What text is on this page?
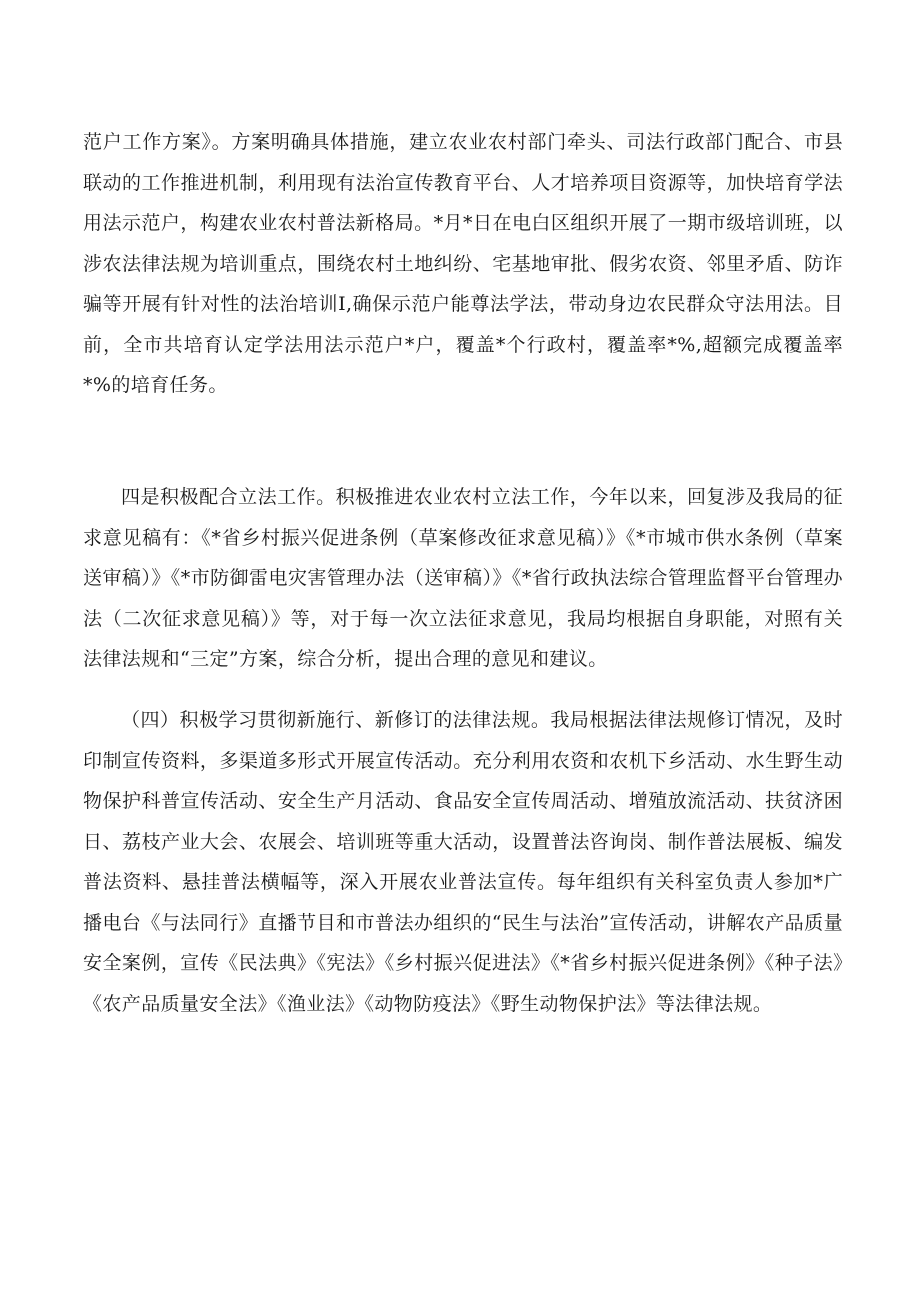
范户工作方案》。方案明确具体措施，建立农业农村部门牵头、司法行政部门配合、市县联动的工作推进机制，利用现有法治宣传教育平台、人才培养项目资源等，加快培育学法用法示范户，构建农业农村普法新格局。*月*日在电白区组织开展了一期市级培训班，以涉农法律法规为培训重点，围绕农村土地纠纷、宅基地审批、假劣农资、邻里矛盾、防诈骗等开展有针对性的法治培训I,确保示范户能尊法学法，带动身边农民群众守法用法。目前，全市共培育认定学法用法示范户*户，覆盖*个行政村，覆盖率*%,超额完成覆盖率*%的培育任务。

四是积极配合立法工作。积极推进农业农村立法工作，今年以来，回复涉及我局的征求意见稿有：《*省乡村振兴促进条例（草案修改征求意见稿）》《*市城市供水条例（草案送审稿）》《*市防御雷电灾害管理办法（送审稿）》《*省行政执法综合管理监督平台管理办法（二次征求意见稿）》等，对于每一次立法征求意见，我局均根据自身职能，对照有关法律法规和“三定”方案，综合分析，提出合理的意见和建议。

（四）积极学习贯彻新施行、新修订的法律法规。我局根据法律法规修订情况，及时印制宣传资料，多渠道多形式开展宣传活动。充分利用农资和农机下乡活动、水生野生动物保护科普宣传活动、安全生产月活动、食品安全宣传周活动、增殖放流活动、扶贫济困日、荔枝产业大会、农展会、培训班等重大活动，设置普法咨询岗、制作普法展板、编发普法资料、悬挂普法横幅等，深入开展农业普法宣传。每年组织有关科室负责人参加*广播电台《与法同行》直播节目和市普法办组织的“民生与法治”宣传活动，讲解农产品质量安全案例，宣传《民法典》《宪法》《乡村振兴促进法》《*省乡村振兴促进条例》《种子法》《农产品质量安全法》《渔业法》《动物防疫法》《野生动物保护法》等法律法规。
